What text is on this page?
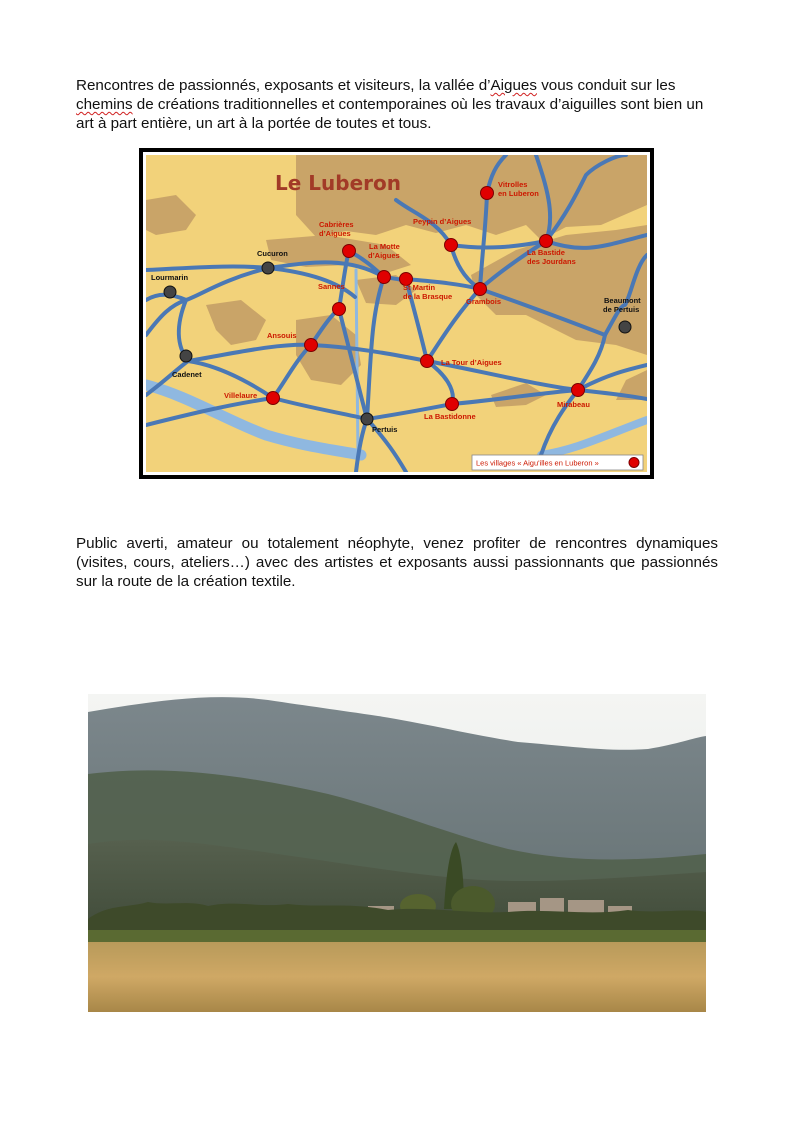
Rencontres de passionnés, exposants et visiteurs, la vallée d’Aigues vous conduit sur les chemins de créations traditionnelles et contemporaines où les travaux d’aiguilles sont bien un art à part entière, un art à la portée de toutes et tous.

Vitrolles
en Luberon
Peypin d’Aigues
Cabrières
d’Aigues
La Motte
d’Aigues	La Bastide
des Jourdans
Sannes	St Martin
de la Brasque
Grambois
Ansouis
La Tour d’Aigues
Mirabeau
Villelaure
La Bastidonne
Cucuron
Lourmarin
Cadenet
Beaumont
de Pertuis
Pertuis
Le Luberon
Les villages « Aigu'illes en Luberon »

Public averti, amateur ou totalement néophyte, venez profiter de rencontres dynamiques (visites, cours, ateliers…) avec des artistes et exposants aussi passionnants que passionnés sur la route de la création textile.
